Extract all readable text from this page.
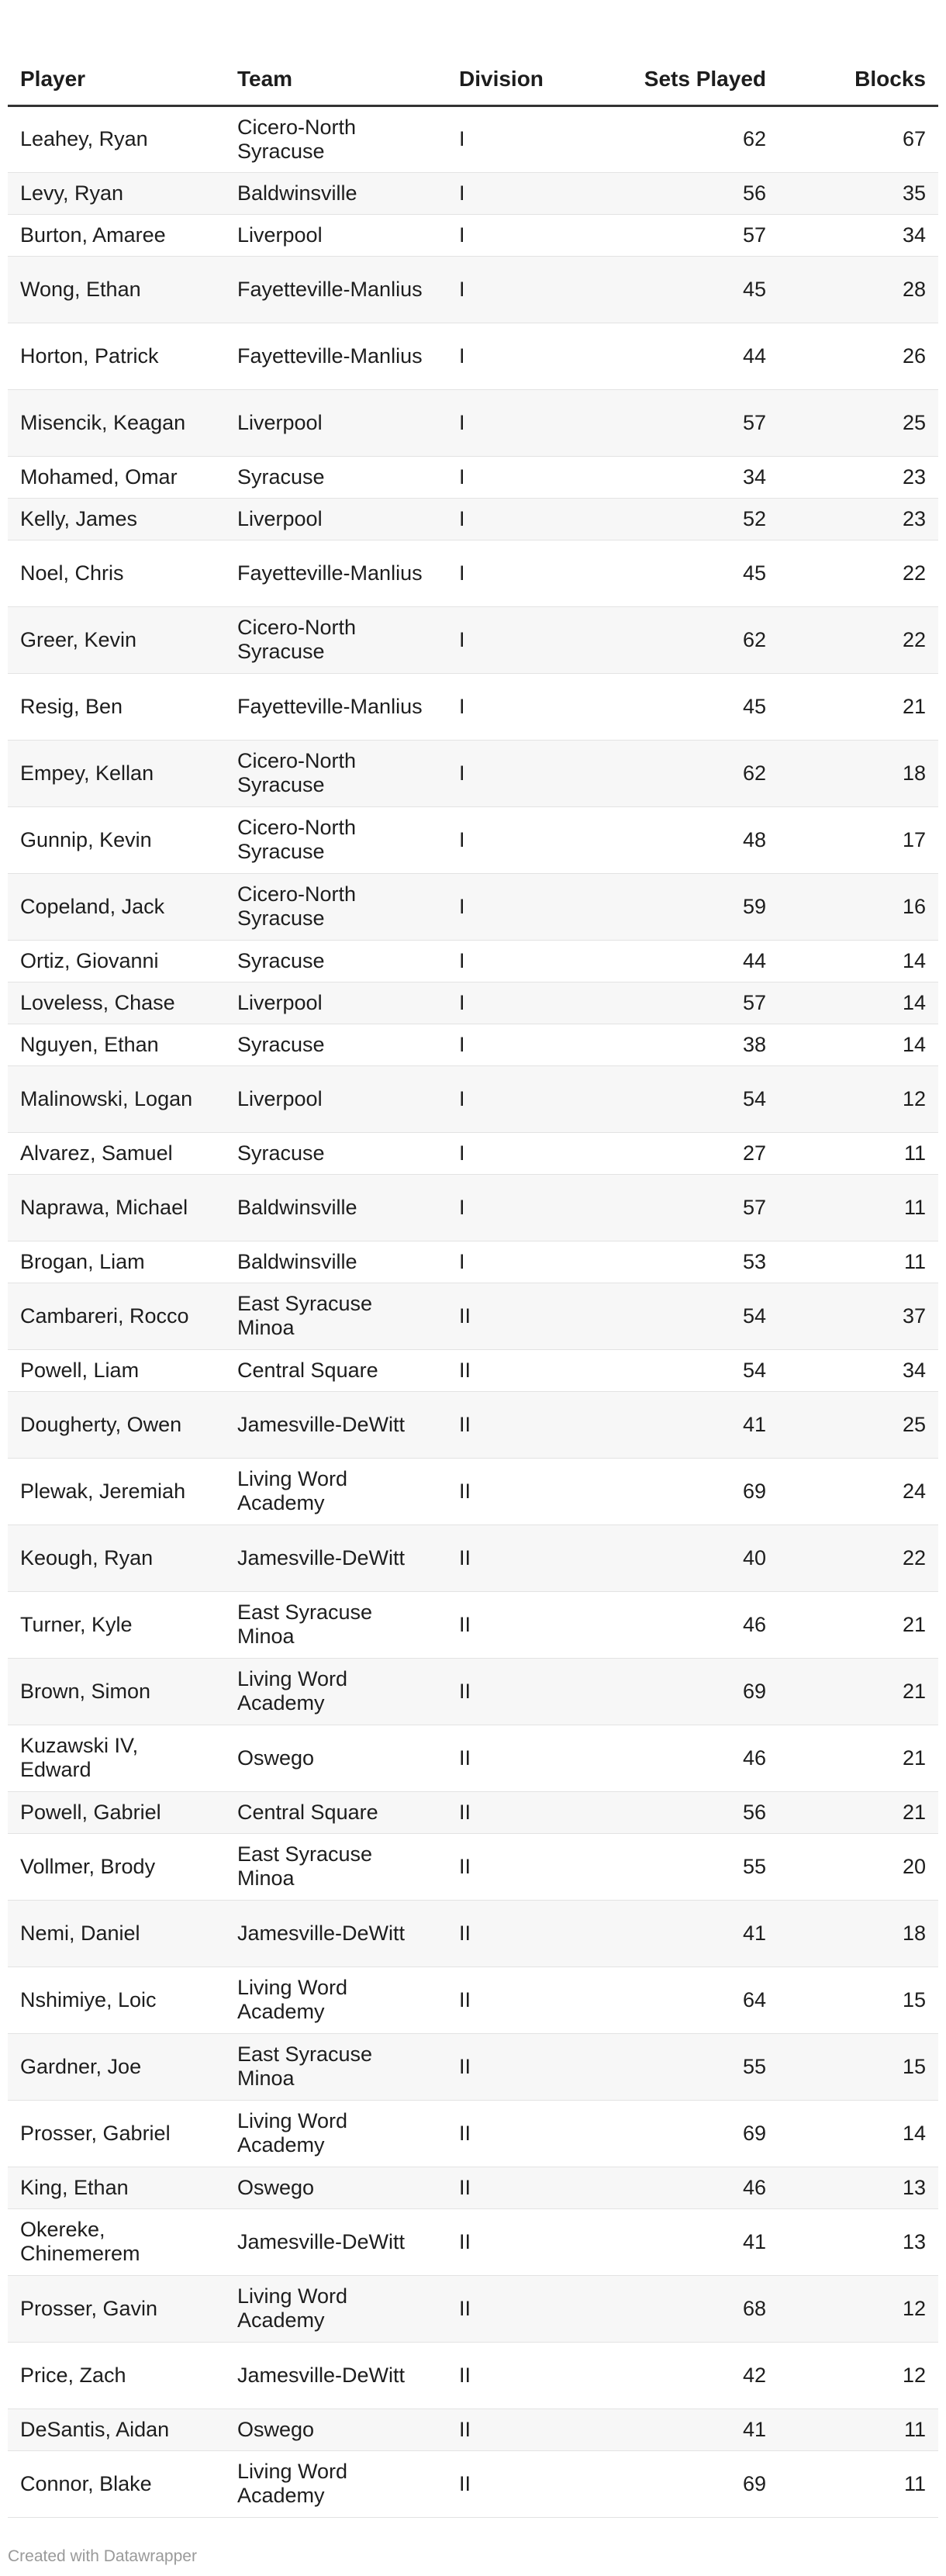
Player	Team	Division	Sets Played	Blocks
Leahey, Ryan	Cicero-North Syracuse	I	62	67
Levy, Ryan	Baldwinsville	I	56	35
Burton, Amaree	Liverpool	I	57	34
Wong, Ethan	Fayetteville-Manlius	I	45	28
Horton, Patrick	Fayetteville-Manlius	I	44	26
Misencik, Keagan	Liverpool	I	57	25
Mohamed, Omar	Syracuse	I	34	23
Kelly, James	Liverpool	I	52	23
Noel, Chris	Fayetteville-Manlius	I	45	22
Greer, Kevin	Cicero-North Syracuse	I	62	22
Resig, Ben	Fayetteville-Manlius	I	45	21
Empey, Kellan	Cicero-North Syracuse	I	62	18
Gunnip, Kevin	Cicero-North Syracuse	I	48	17
Copeland, Jack	Cicero-North Syracuse	I	59	16
Ortiz, Giovanni	Syracuse	I	44	14
Loveless, Chase	Liverpool	I	57	14
Nguyen, Ethan	Syracuse	I	38	14
Malinowski, Logan	Liverpool	I	54	12
Alvarez, Samuel	Syracuse	I	27	11
Naprawa, Michael	Baldwinsville	I	57	11
Brogan, Liam	Baldwinsville	I	53	11
Cambareri, Rocco	East Syracuse Minoa	II	54	37
Powell, Liam	Central Square	II	54	34
Dougherty, Owen	Jamesville-DeWitt	II	41	25
Plewak, Jeremiah	Living Word Academy	II	69	24
Keough, Ryan	Jamesville-DeWitt	II	40	22
Turner, Kyle	East Syracuse Minoa	II	46	21
Brown, Simon	Living Word Academy	II	69	21
Kuzawski IV, Edward	Oswego	II	46	21
Powell, Gabriel	Central Square	II	56	21
Vollmer, Brody	East Syracuse Minoa	II	55	20
Nemi, Daniel	Jamesville-DeWitt	II	41	18
Nshimiye, Loic	Living Word Academy	II	64	15
Gardner, Joe	East Syracuse Minoa	II	55	15
Prosser, Gabriel	Living Word Academy	II	69	14
King, Ethan	Oswego	II	46	13
Okereke, Chinemerem	Jamesville-DeWitt	II	41	13
Prosser, Gavin	Living Word Academy	II	68	12
Price, Zach	Jamesville-DeWitt	II	42	12
DeSantis, Aidan	Oswego	II	41	11
Connor, Blake	Living Word Academy	II	69	11
Created with Datawrapper
